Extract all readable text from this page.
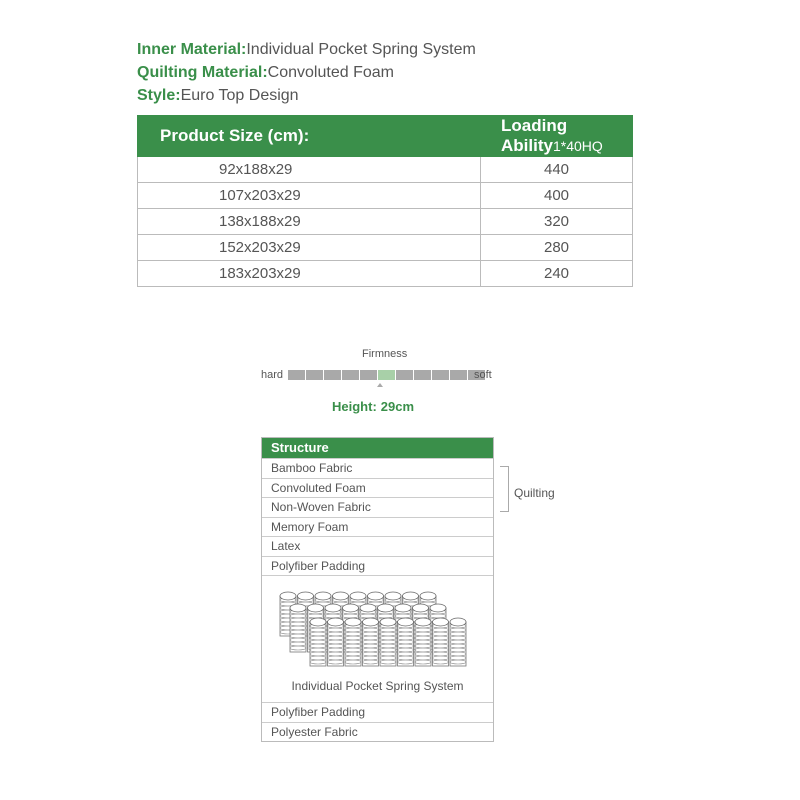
Inner Material:Individual Pocket Spring System
Quilting Material:Convoluted Foam
Style:Euro Top Design
Product Size (cm):	Loading Ability1*40HQ
92x188x29	440
107x203x29	400
138x188x29	320
152x203x29	280
183x203x29	240
Firmness
hard	soft
Height: 29cm
Structure
Bamboo Fabric
Convoluted Foam
Non-Woven Fabric
Memory Foam
Latex
Polyfiber Padding
Individual Pocket Spring System
Polyfiber Padding
Polyester Fabric
Quilting
